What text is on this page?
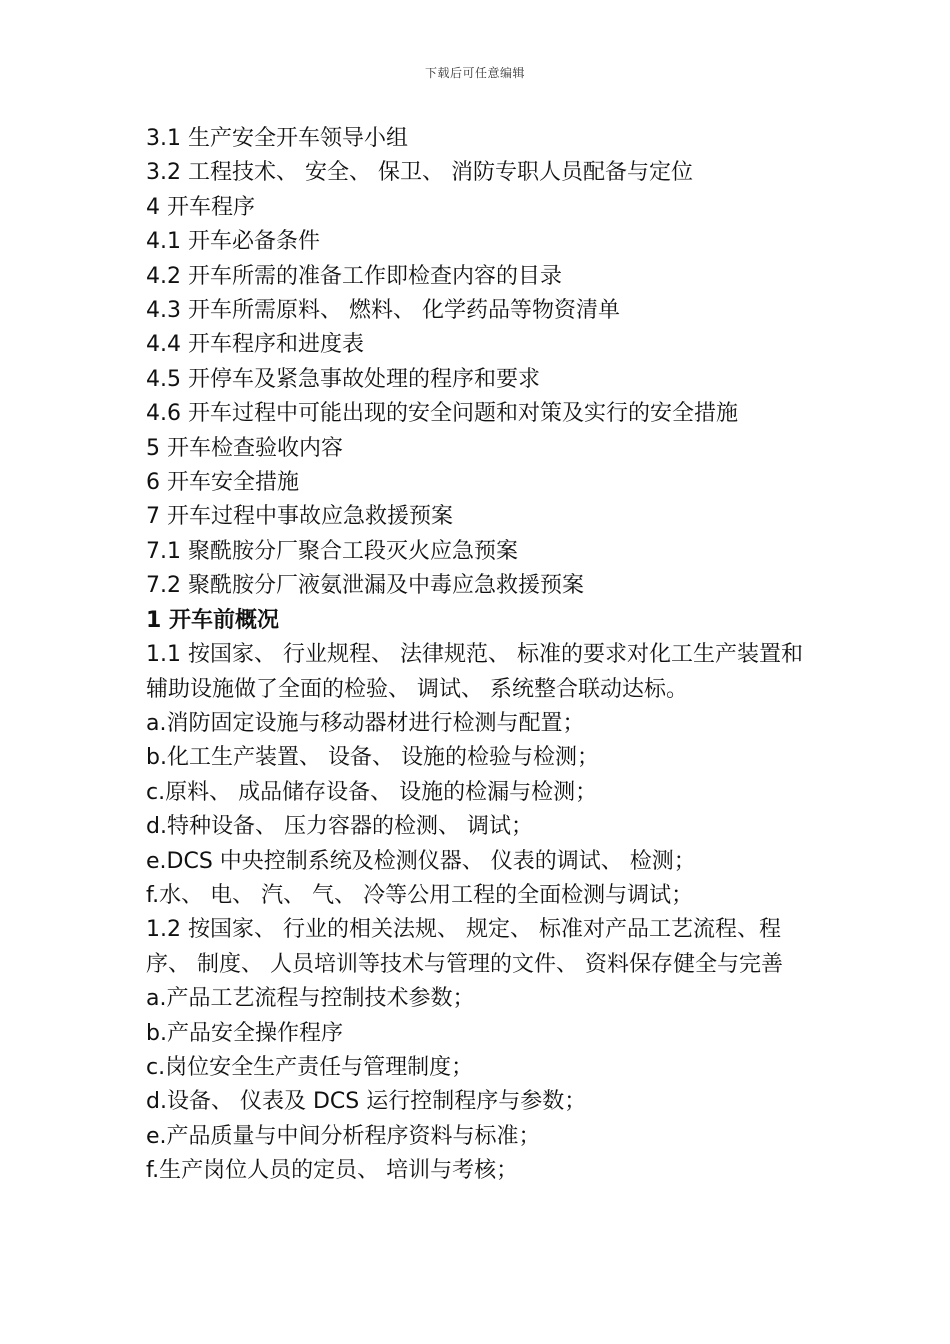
下载后可任意编辑
3.1 生产安全开车领导小组
3.2 工程技术、 安全、 保卫、 消防专职人员配备与定位
4 开车程序
4.1 开车必备条件
4.2 开车所需的准备工作即检查内容的目录
4.3 开车所需原料、 燃料、 化学药品等物资清单
4.4 开车程序和进度表
4.5 开停车及紧急事故处理的程序和要求
4.6 开车过程中可能出现的安全问题和对策及实行的安全措施
5 开车检查验收内容
6 开车安全措施
7 开车过程中事故应急救援预案
7.1 聚酰胺分厂聚合工段灭火应急预案
7.2 聚酰胺分厂液氨泄漏及中毒应急救援预案
1 开车前概况
1.1 按国家、 行业规程、 法律规范、 标准的要求对化工生产装置和辅助设施做了全面的检验、 调试、 系统整合联动达标。
a.消防固定设施与移动器材进行检测与配置；
b.化工生产装置、 设备、 设施的检验与检测；
c.原料、 成品储存设备、 设施的检漏与检测；
d.特种设备、 压力容器的检测、 调试；
e.DCS 中央控制系统及检测仪器、 仪表的调试、 检测；
f.水、 电、 汽、 气、 冷等公用工程的全面检测与调试；
1.2 按国家、 行业的相关法规、 规定、 标准对产品工艺流程、程序、 制度、 人员培训等技术与管理的文件、 资料保存健全与完善
a.产品工艺流程与控制技术参数；
b.产品安全操作程序
c.岗位安全生产责任与管理制度；
d.设备、 仪表及 DCS 运行控制程序与参数；
e.产品质量与中间分析程序资料与标准；
f.生产岗位人员的定员、 培训与考核；
